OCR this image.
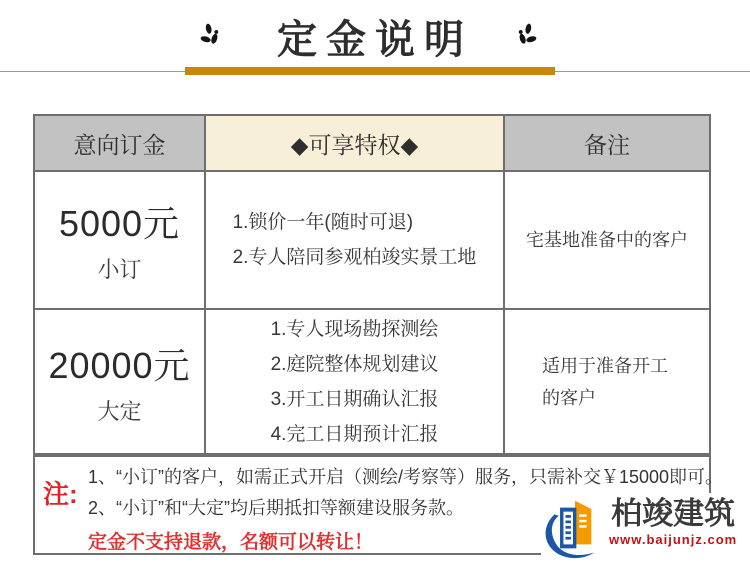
定金说明
意向订金	◆可享特权◆	备注
5000元
小订
1.锁价一年(随时可退)
2.专人陪同参观柏竣实景工地
宅基地准备中的客户
20000元
大定
1.专人现场勘探测绘
2.庭院整体规划建议
3.开工日期确认汇报
4.完工日期预计汇报
适用于准备开工的客户
注:
1、“小订”的客户，如需正式开启（测绘/考察等）服务，只需补交￥15000即可。
2、“小订”和“大定”均后期抵扣等额建设服务款。
定金不支持退款，名额可以转让！
柏竣建筑
www.baijunjz.com
